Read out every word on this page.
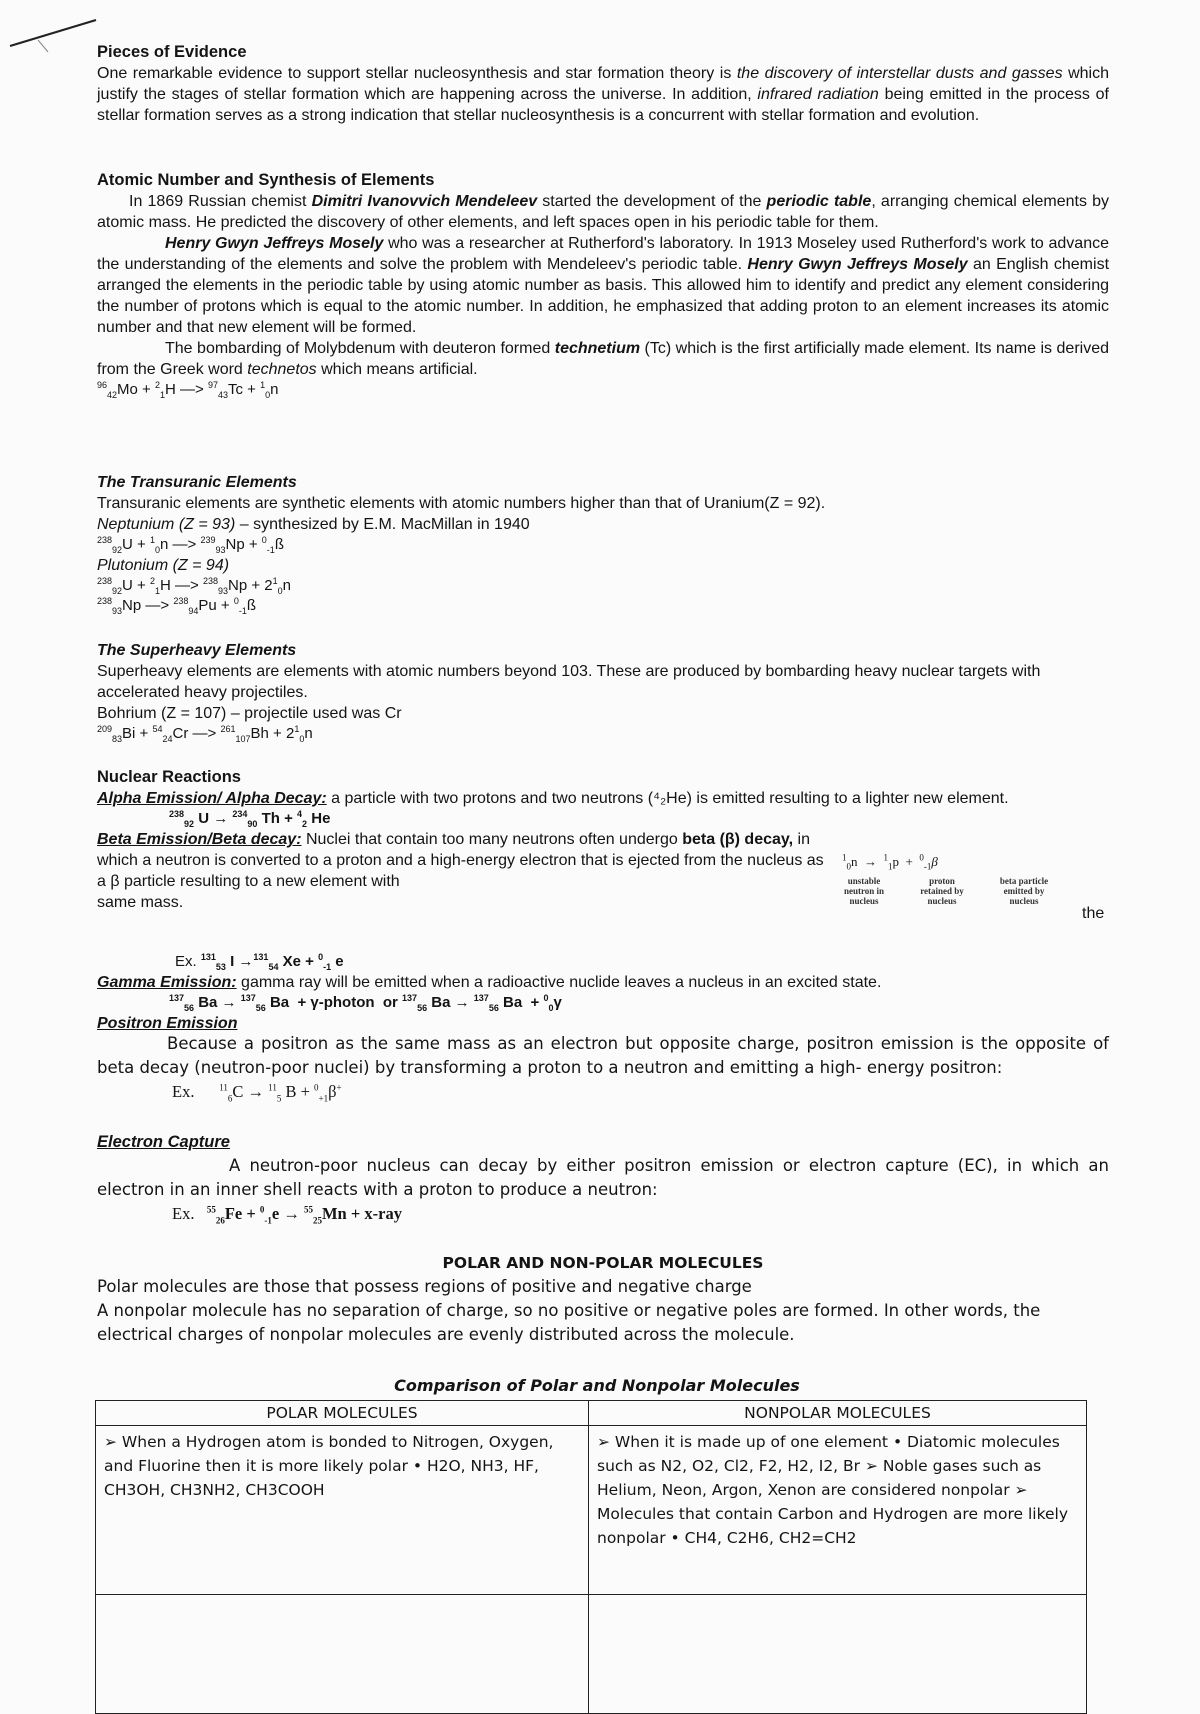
Pieces of Evidence
One remarkable evidence to support stellar nucleosynthesis and star formation theory is the discovery of interstellar dusts and gasses which justify the stages of stellar formation which are happening across the universe. In addition, infrared radiation being emitted in the process of stellar formation serves as a strong indication that stellar nucleosynthesis is a concurrent with stellar formation and evolution.
Atomic Number and Synthesis of Elements
In 1869 Russian chemist Dimitri Ivanovvich Mendeleev started the development of the periodic table, arranging chemical elements by atomic mass. He predicted the discovery of other elements, and left spaces open in his periodic table for them.
Henry Gwyn Jeffreys Mosely who was a researcher at Rutherford's laboratory. In 1913 Moseley used Rutherford's work to advance the understanding of the elements and solve the problem with Mendeleev's periodic table. Henry Gwyn Jeffreys Mosely an English chemist arranged the elements in the periodic table by using atomic number as basis. This allowed him to identify and predict any element considering the number of protons which is equal to the atomic number. In addition, he emphasized that adding proton to an element increases its atomic number and that new element will be formed.
The bombarding of Molybdenum with deuteron formed technetium (Tc) which is the first artificially made element. Its name is derived from the Greek word technetos which means artificial.
$^{96}_{42}$Mo + $^2_1$H —> $^{97}_{43}$Tc + $^1_0$n
The Transuranic Elements
Transuranic elements are synthetic elements with atomic numbers higher than that of Uranium(Z = 92).
Neptunium (Z = 93) – synthesized by E.M. MacMillan in 1940
$^{238}_{92}$U + $^1_0$n —> $^{239}_{93}$Np + $^0_{-1}$ß
Plutonium (Z = 94)
$^{238}_{92}$U + $^2_1$H —> $^{238}_{93}Np + 2^1_0n$
$^{238}_{93}$Np —> $^{238}_{94}$Pu + $^0_{-1}$ß
The Superheavy Elements
Superheavy elements are elements with atomic numbers beyond 103. These are produced by bombarding heavy nuclear targets with accelerated heavy projectiles.
Bohrium (Z = 107) – projectile used was Cr
$^{209}_{83}$Bi + $^{54}_{24}$Cr —> $^{261}_{107}Bh + 2^1_0n$
Nuclear Reactions
Alpha Emission/ Alpha Decay: a particle with two protons and two neutrons (⁴₂He) is emitted resulting to a lighter new element.
$^{238}_{92}$ U → $^{234}_{90}$ Th + $^4_2$ He
Beta Emission/Beta decay: Nuclei that contain too many neutrons often undergo beta (β) decay, in which a neutron is converted to a proton and a high-energy electron that is ejected from the nucleus as a β particle resulting to a new element with
same mass.
the
$^1_0$n  →  $^1_1$p  +  $^0_{-1}$β
unstable neutron in nucleus
proton retained by nucleus
beta particle emitted by nucleus
Ex. $^{131}_{53}$ I →$^{131}_{54}$ Xe + $^0_{-1}$ e
Gamma Emission: gamma ray will be emitted when a radioactive nuclide leaves a nucleus in an excited state.
$^{137}_{56}$ Ba → $^{137}_{56}$ Ba  + γ-photon  or $^{137}_{56}$ Ba → $^{137}_{56}$ Ba  + $^0_0$γ
Positron Emission
Because a positron as the same mass as an electron but opposite charge, positron emission is the opposite of beta decay (neutron-poor nuclei) by transforming a proton to a neutron and emitting a high- energy positron:
Ex.	$^{11}_6$C → $^{11}_5$ B + $^0_{+1}$β+
Electron Capture
A neutron-poor nucleus can decay by either positron emission or electron capture (EC), in which an electron in an inner shell reacts with a proton to produce a neutron:
Ex. $^{55}_{26}$Fe + $^0_{-1}$e → $^{55}_{25}$Mn + x-ray
POLAR AND NON-POLAR MOLECULES
Polar molecules are those that possess regions of positive and negative charge
A nonpolar molecule has no separation of charge, so no positive or negative poles are formed. In other words, the electrical charges of nonpolar molecules are evenly distributed across the molecule.
Comparison of Polar and Nonpolar Molecules
POLAR MOLECULES	NONPOLAR MOLECULES
➢ When a Hydrogen atom is bonded to Nitrogen, Oxygen, and Fluorine then it is more likely polar • H2O, NH3, HF, CH3OH, CH3NH2, CH3COOH	➢ When it is made up of one element • Diatomic molecules such as N2, O2, Cl2, F2, H2, I2, Br ➢ Noble gases such as Helium, Neon, Argon, Xenon are considered nonpolar ➢ Molecules that contain Carbon and Hydrogen are more likely nonpolar • CH4, C2H6, CH2=CH2
